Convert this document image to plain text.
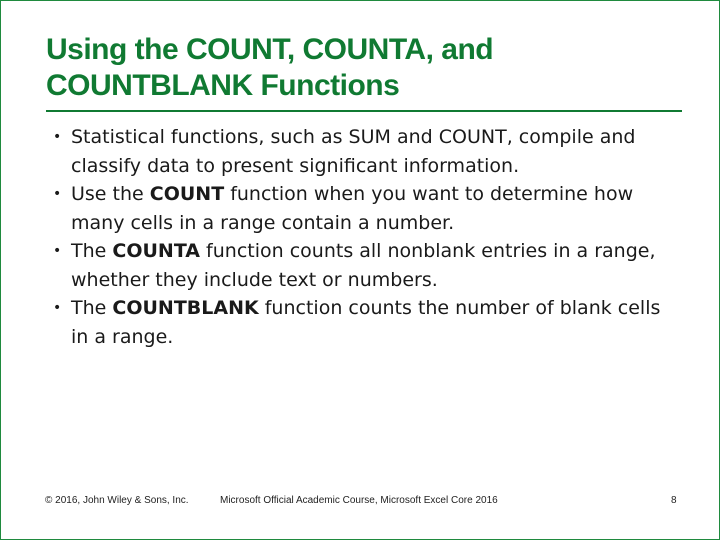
Using the COUNT, COUNTA, and
COUNTBLANK Functions
• Statistical functions, such as SUM and COUNT, compile and classify data to present significant information.
• Use the COUNT function when you want to determine how many cells in a range contain a number.
• The COUNTA function counts all nonblank entries in a range, whether they include text or numbers.
• The COUNTBLANK function counts the number of blank cells in a range.
© 2016, John Wiley & Sons, Inc.	Microsoft Official Academic Course, Microsoft Excel Core 2016	8
